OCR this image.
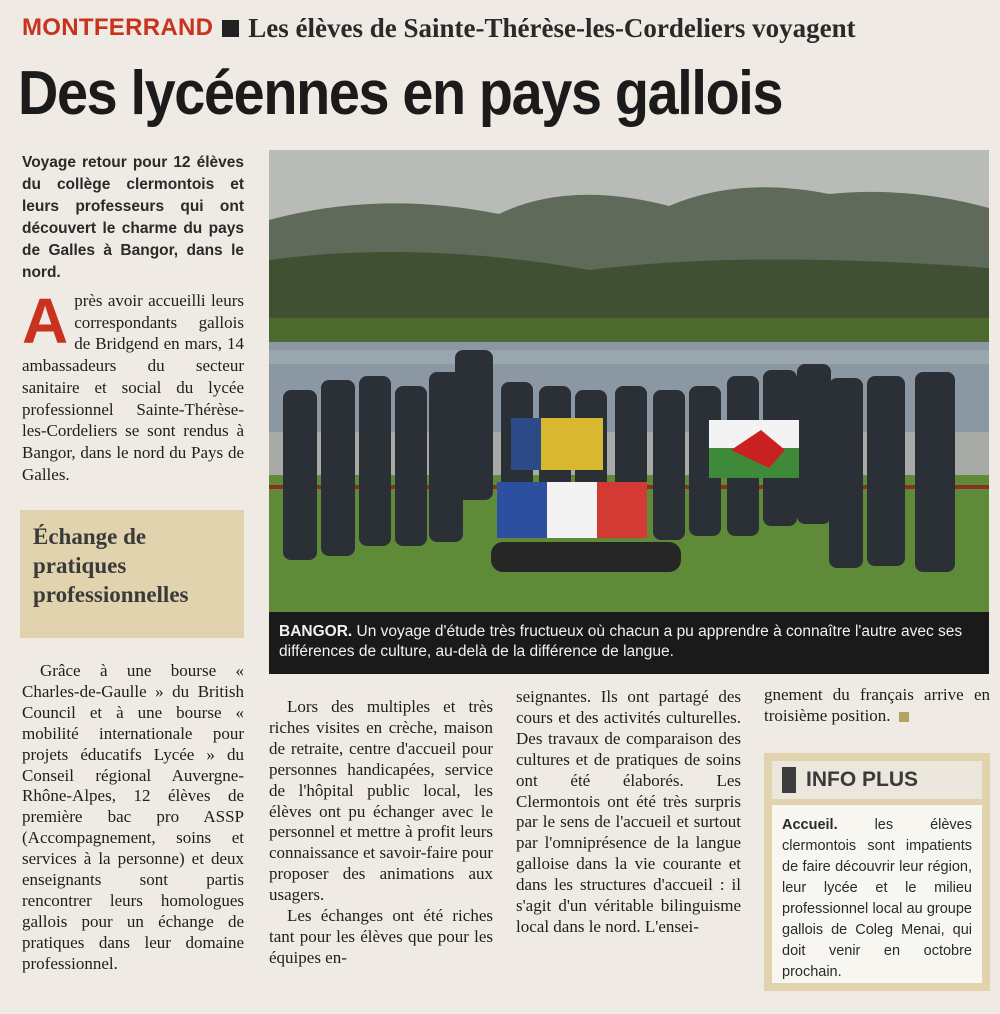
MONTFERRAND Les élèves de Sainte-Thérèse-les-Cordeliers voyagent
Des lycéennes en pays gallois
Voyage retour pour 12 élèves du collège clermontois et leurs professeurs qui ont découvert le charme du pays de Galles à Bangor, dans le nord.
Après avoir accueilli leurs correspondants gallois de Bridgend en mars, 14 ambassadeurs du secteur sanitaire et social du lycée professionnel Sainte-Thérèse-les-Cordeliers se sont rendus à Bangor, dans le nord du Pays de Galles.
Échange de pratiques professionnelles

Grâce à une bourse « Charles-de-Gaulle » du British Council et à une bourse « mobilité internationale pour projets éducatifs Lycée » du Conseil régional Auvergne-Rhône-Alpes, 12 élèves de première bac pro ASSP (Accompagnement, soins et services à la personne) et deux enseignants sont partis rencontrer leurs homologues gallois pour un échange de pratiques dans leur domaine professionnel.

Lors des multiples et très riches visites en crèche, maison de retraite, centre d'accueil pour personnes handicapées, service de l'hôpital public local, les élèves ont pu échanger avec le personnel et mettre à profit leurs connaissance et savoir-faire pour proposer des animations aux usagers.

Les échanges ont été riches tant pour les élèves que pour les équipes en-

seignantes. Ils ont partagé des cours et des activités culturelles. Des travaux de comparaison des cultures et de pratiques de soins ont été élaborés. Les Clermontois ont été très surpris par le sens de l'accueil et surtout par l'omniprésence de la langue galloise dans la vie courante et dans les structures d'accueil : il s'agit d'un véritable bilinguisme local dans le nord. L'ensei-

gnement du français arrive en troisième position.

BANGOR. Un voyage d'étude très fructueux où chacun a pu apprendre à connaître l'autre avec ses différences de culture, au-delà de la différence de langue.
INFO PLUS
Accueil.	les élèves clermontois sont impatients de faire découvrir leur région, leur lycée et le milieu professionnel local au groupe gallois de Coleg Menai, qui doit venir en octobre prochain.
